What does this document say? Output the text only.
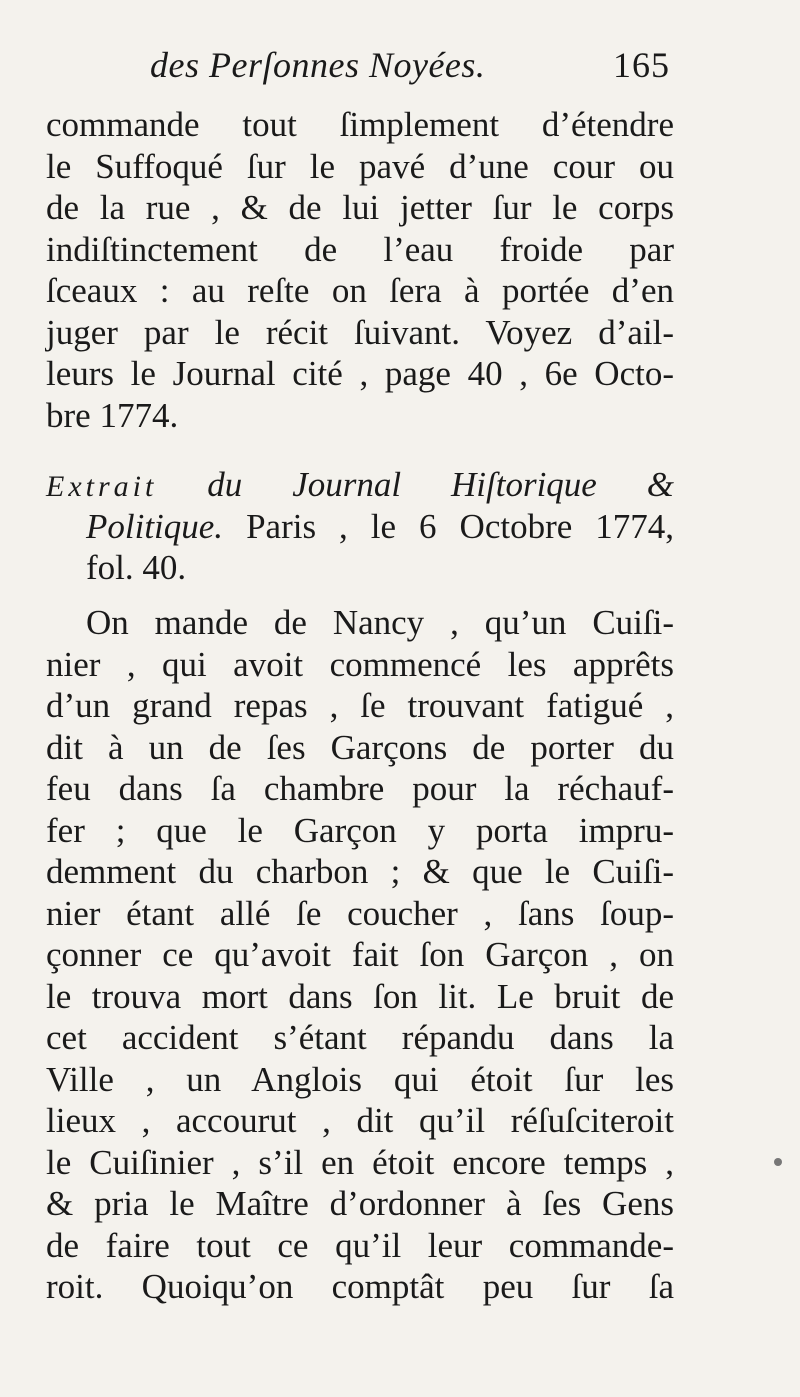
des Perſonnes Noyées.	165
commande tout ſimplement d’étendre
le Suffoqué ſur le pavé d’une cour ou
de la rue , & de lui jetter ſur le corps
indiſtinctement de l’eau froide par
ſceaux : au reſte on ſera à portée d’en
juger par le récit ſuivant. Voyez d’ail-
leurs le Journal cité , page 40 , 6e Octo-
bre 1774.
Extrait du Journal Hiſtorique &
Politique. Paris , le 6 Octobre 1774,
fol. 40.
On mande de Nancy , qu’un Cuiſi-
nier , qui avoit commencé les apprêts
d’un grand repas , ſe trouvant fatigué ,
dit à un de ſes Garçons de porter du
feu dans ſa chambre pour la réchauf-
fer ; que le Garçon y porta impru-
demment du charbon ; & que le Cuiſi-
nier étant allé ſe coucher , ſans ſoup-
çonner ce qu’avoit fait ſon Garçon , on
le trouva mort dans ſon lit. Le bruit de
cet accident s’étant répandu dans la
Ville , un Anglois qui étoit ſur les
lieux , accourut , dit qu’il réſuſciteroit
le Cuiſinier , s’il en étoit encore temps ,
& pria le Maître d’ordonner à ſes Gens
de faire tout ce qu’il leur commande-
roit. Quoiqu’on comptât peu ſur ſa
